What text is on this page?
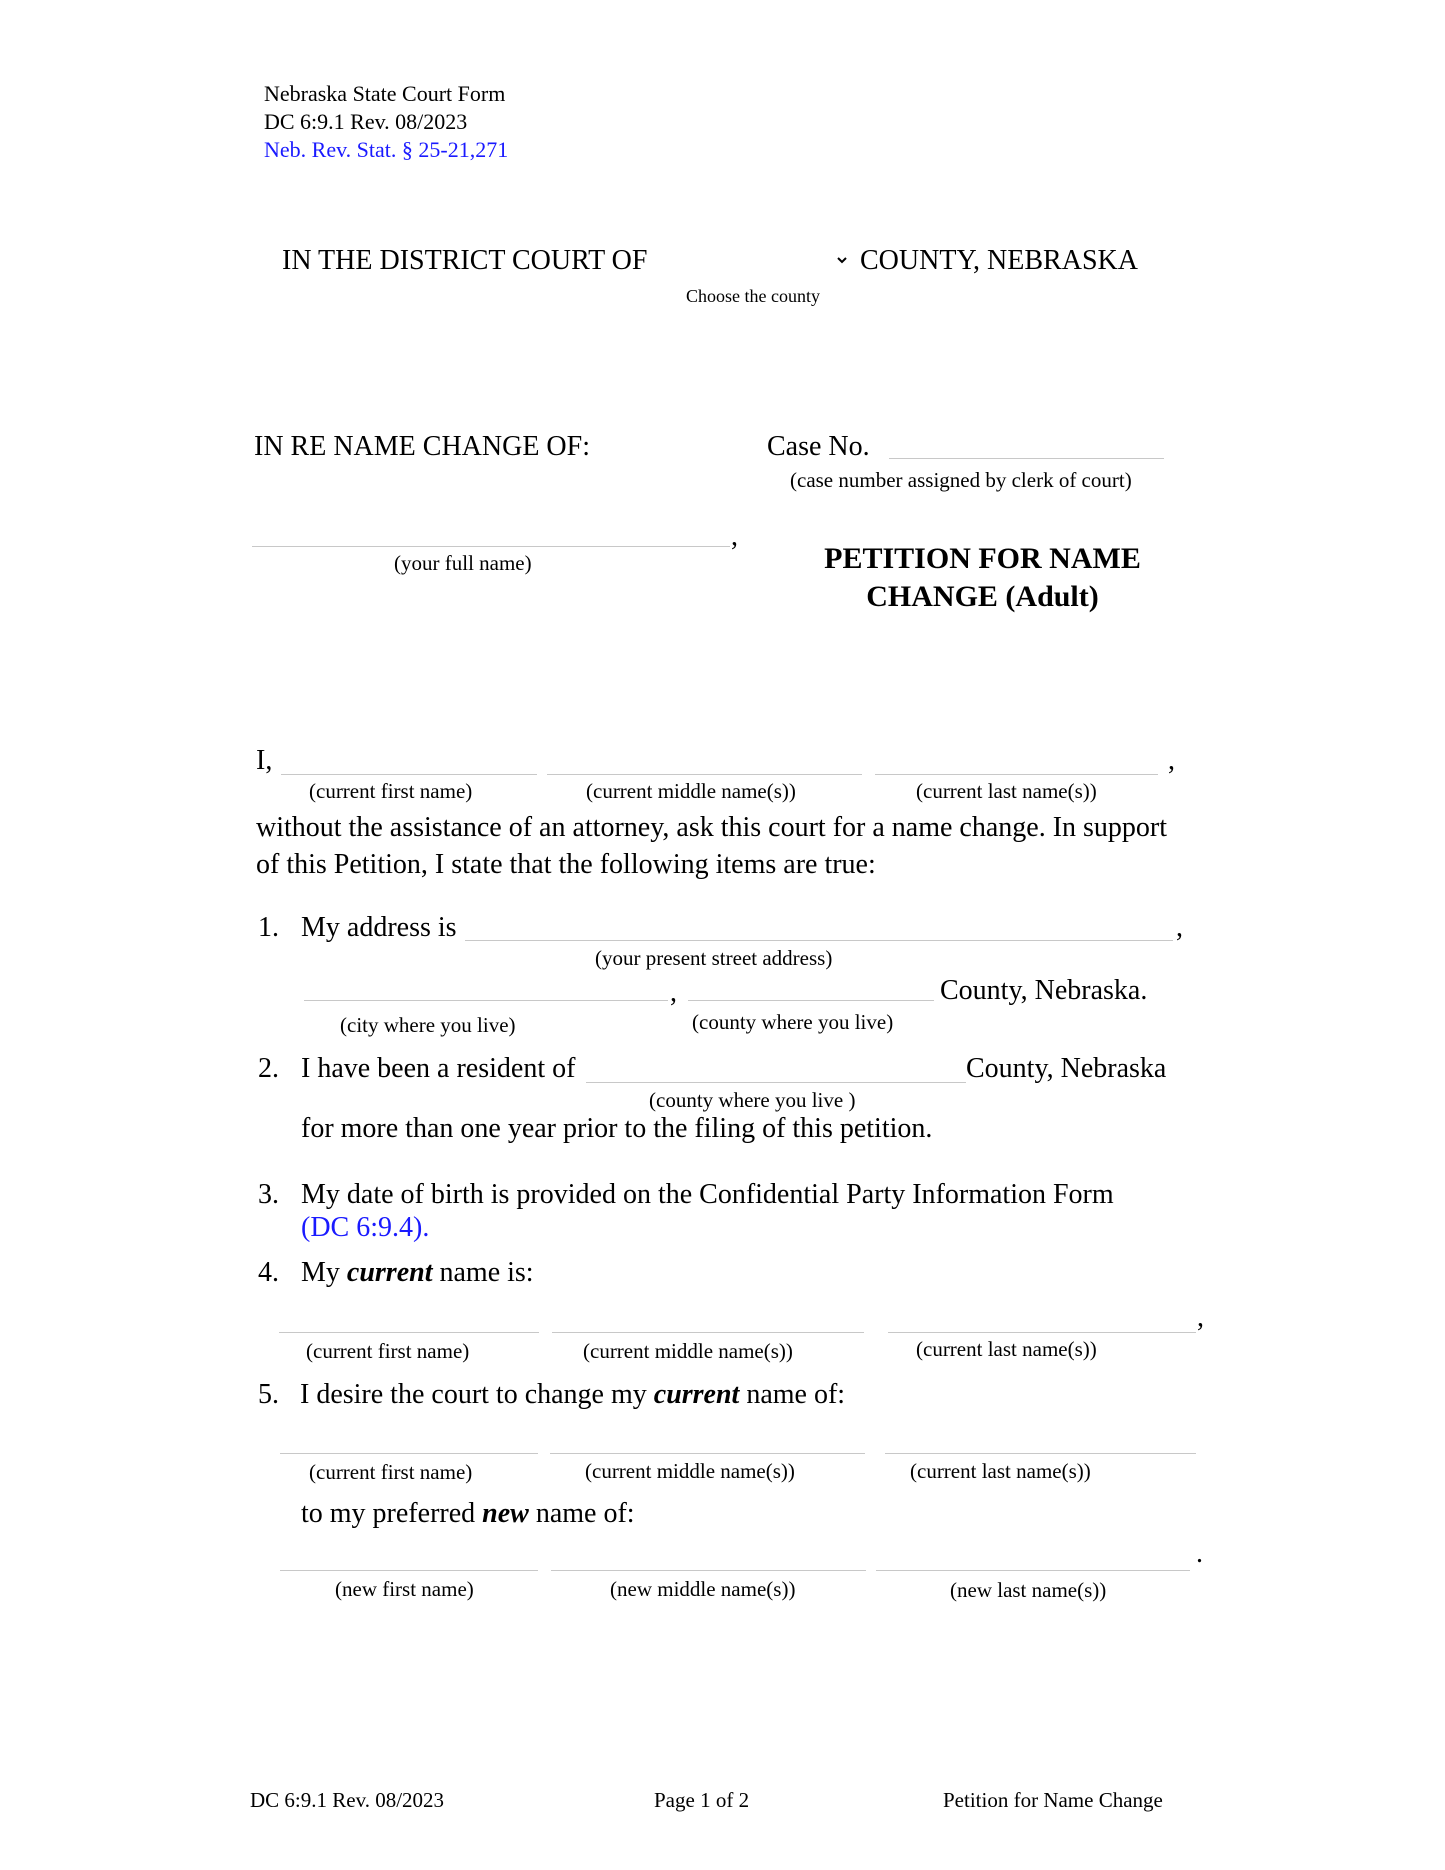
Nebraska State Court Form
DC 6:9.1 Rev. 08/2023
Neb. Rev. Stat. § 25-21,271
IN THE DISTRICT COURT OF	COUNTY, NEBRASKA
Choose the county
IN RE NAME CHANGE OF:	Case No.
(case number assigned by clerk of court)
,
(your full name)	PETITION FOR NAME
CHANGE (Adult)
I,	,
(current first name)	(current middle name(s))	(current last name(s))
without the assistance of an attorney, ask this court for a name change. In support
of this Petition, I state that the following items are true:
1. My address is	,
(your present street address)
,	County, Nebraska.
(city where you live)	(county where you live)
2. I have been a resident of	County, Nebraska
(county where you live )
for more than one year prior to the filing of this petition.
3. My date of birth is provided on the Confidential Party Information Form
(DC 6:9.4).
4. My current name is:
,
(current first name)	(current middle name(s))	(current last name(s))
5. I desire the court to change my current name of:
(current first name)	(current middle name(s))	(current last name(s))
to my preferred new name of:
.
(new first name)	(new middle name(s))	(new last name(s))
DC 6:9.1 Rev. 08/2023	Page 1 of 2	Petition for Name Change
